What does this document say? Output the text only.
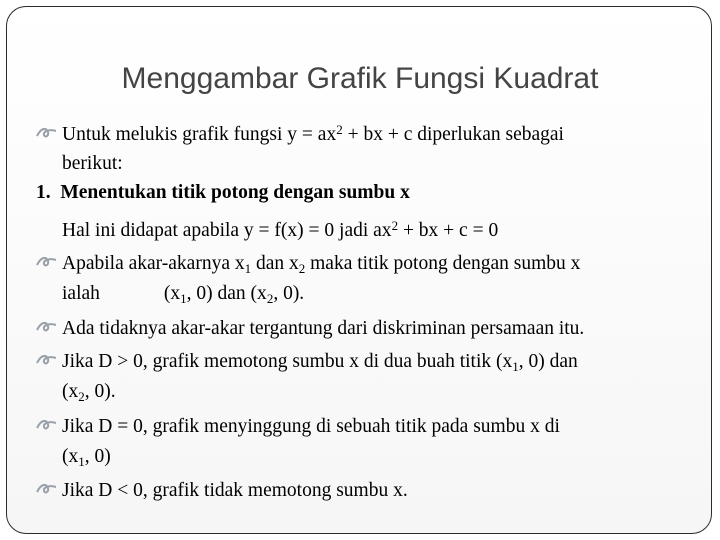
Menggambar Grafik Fungsi Kuadrat
Untuk melukis grafik fungsi $y = ax^2$ + bx + c diperlukan sebagai
berikut:
1. Menentukan titik potong dengan sumbu x
Hal ini didapat apabila y = f(x) = 0 jadi $ax^2$ + bx + c = 0
Apabila akar-akarnya $x_1$ dan $x_2$ maka titik potong dengan sumbu x
ialah	($x_1$, 0) dan ($x_2$, 0).
Ada tidaknya akar-akar tergantung dari diskriminan persamaan itu.
Jika D > 0, grafik memotong sumbu x di dua buah titik ($x_1$, 0) dan
($x_2$, 0).
Jika D = 0, grafik menyinggung di sebuah titik pada sumbu x di
($x_1$, 0)
Jika D < 0, grafik tidak memotong sumbu x.
